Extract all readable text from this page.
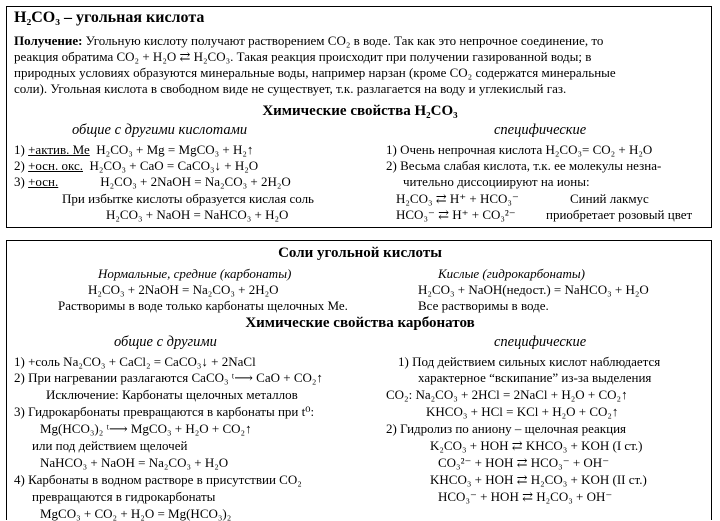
H₂CO₃ – угольная кислота
Получение: Угольную кислоту получают растворением CO₂ в воде. Так как это непрочное соединение, то
реакция обратима CO₂ + H₂O ⇄ H₂CO₃. Такая реакция происходит при получении газированной воды; в
природных условиях образуются минеральные воды, например нарзан (кроме CO₂ содержатся минеральные
соли). Угольная кислота в свободном виде не существует, т.к. разлагается на воду и углекислый газ.
Химические свойства H₂CO₃
общие с другими кислотами	специфические
1) +актив. Ме H₂CO₃ + Mg = MgCO₃ + H₂↑
2) +осн. окс. H₂CO₃ + CaO = CaCO₃↓ + H₂O
3) +осн.	H₂CO₃ + 2NaOH = Na₂CO₃ + 2H₂O
При избытке кислоты образуется кислая соль
H₂CO₃ + NaOH = NaHCO₃ + H₂O
1) Очень непрочная кислота H₂CO₃= CO₂ + H₂O
2) Весьма слабая кислота, т.к. ее молекулы незна-
чительно диссоциируют на ионы:
H₂CO₃ ⇄ H⁺ + HCO₃⁻	Синий лакмус
HCO₃⁻ ⇄ H⁺ + CO₃²⁻ приобретает розовый цвет
Соли угольной кислоты
Нормальные, средние (карбонаты)	Кислые (гидрокарбонаты)
H₂CO₃ + 2NaOH = Na₂CO₃ + 2H₂O	H₂CO₃ + NaOH(недост.) = NaHCO₃ + H₂O
Растворимы в воде только карбонаты щелочных Ме.	Все растворимы в воде.
Химические свойства карбонатов
общие с другими	специфические
1) +соль Na₂CO₃ + CaCl₂ = CaCO₃↓ + 2NaCl
2) При нагревании разлагаются CaCO₃ ᵗ⟶ CaO + CO₂↑
Исключение: Карбонаты щелочных металлов
3) Гидрокарбонаты превращаются в карбонаты при t⁰:
Mg(HCO₃)₂ ᵗ⟶ MgCO₃ + H₂O + CO₂↑
или под действием щелочей
NaHCO₃ + NaOH = Na₂CO₃ + H₂O
4) Карбонаты в водном растворе в присутствии CO₂
превращаются в гидрокарбонаты
MgCO₃ + CO₂ + H₂O = Mg(HCO₃)₂
1) Под действием сильных кислот наблюдается
характерное “вскипание” из-за выделения
CO₂: Na₂CO₃ + 2HCl = 2NaCl + H₂O + CO₂↑
KHCO₃ + HCl = KCl + H₂O + CO₂↑
2) Гидролиз по аниону – щелочная реакция
K₂CO₃ + HOH ⇄ KHCO₃ + KOH (I ст.)
CO₃²⁻ + HOH ⇄ HCO₃⁻ + OH⁻
KHCO₃ + HOH ⇄ H₂CO₃ + KOH (II ст.)
HCO₃⁻ + HOH ⇄ H₂CO₃ + OH⁻
